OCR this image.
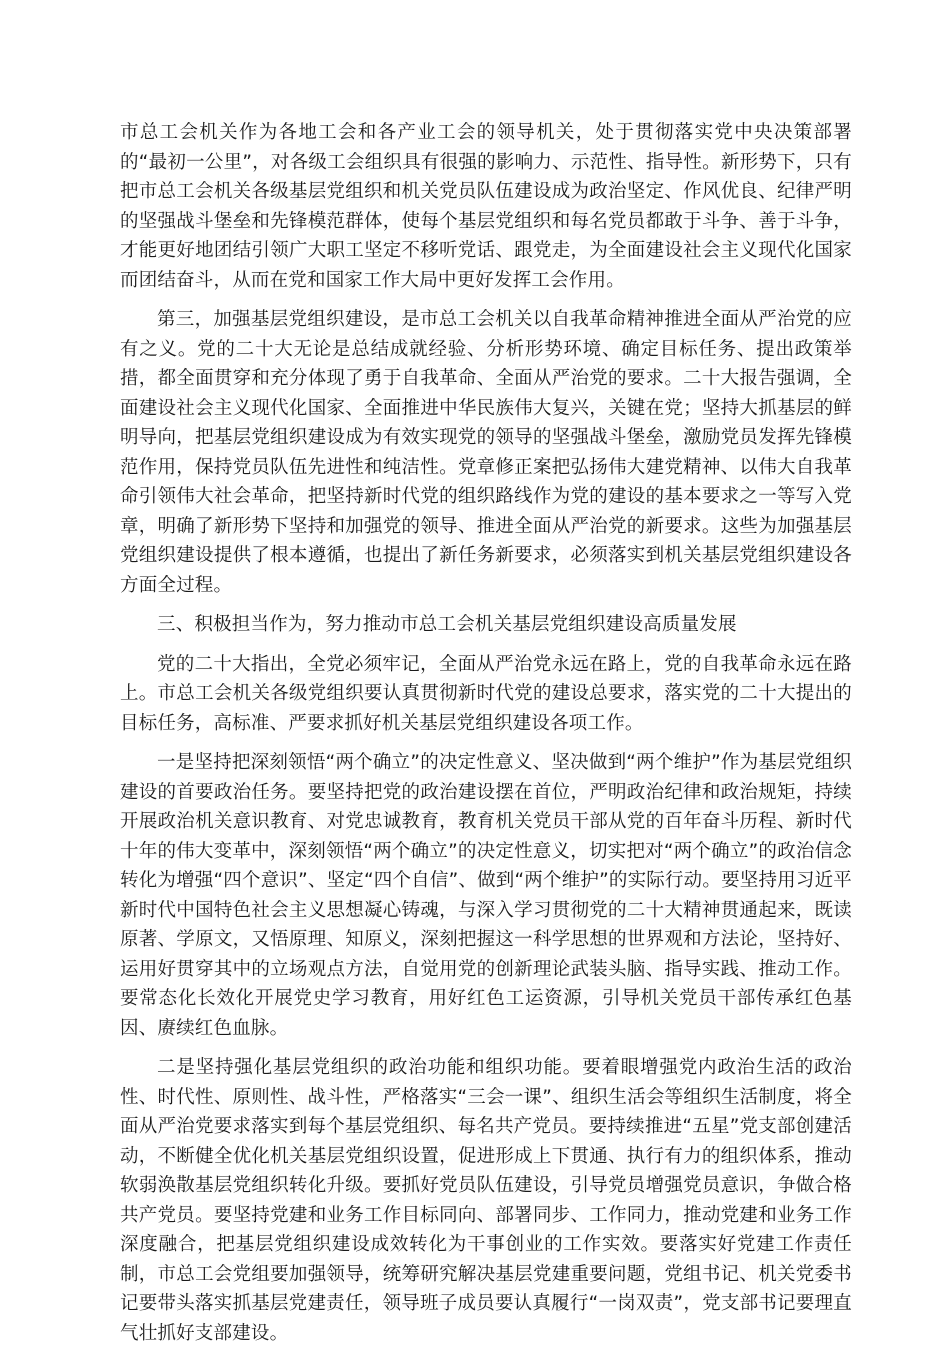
市总工会机关作为各地工会和各产业工会的领导机关，处于贯彻落实党中央决策部署的“最初一公里”，对各级工会组织具有很强的影响力、示范性、指导性。新形势下，只有把市总工会机关各级基层党组织和机关党员队伍建设成为政治坚定、作风优良、纪律严明的坚强战斗堡垒和先锋模范群体，使每个基层党组织和每名党员都敢于斗争、善于斗争，才能更好地团结引领广大职工坚定不移听党话、跟党走，为全面建设社会主义现代化国家而团结奋斗，从而在党和国家工作大局中更好发挥工会作用。

第三，加强基层党组织建设，是市总工会机关以自我革命精神推进全面从严治党的应有之义。党的二十大无论是总结成就经验、分析形势环境、确定目标任务、提出政策举措，都全面贯穿和充分体现了勇于自我革命、全面从严治党的要求。二十大报告强调，全面建设社会主义现代化国家、全面推进中华民族伟大复兴，关键在党；坚持大抓基层的鲜明导向，把基层党组织建设成为有效实现党的领导的坚强战斗堡垒，激励党员发挥先锋模范作用，保持党员队伍先进性和纯洁性。党章修正案把弘扬伟大建党精神、以伟大自我革命引领伟大社会革命，把坚持新时代党的组织路线作为党的建设的基本要求之一等写入党章，明确了新形势下坚持和加强党的领导、推进全面从严治党的新要求。这些为加强基层党组织建设提供了根本遵循，也提出了新任务新要求，必须落实到机关基层党组织建设各方面全过程。

三、积极担当作为，努力推动市总工会机关基层党组织建设高质量发展

党的二十大指出，全党必须牢记，全面从严治党永远在路上，党的自我革命永远在路上。市总工会机关各级党组织要认真贯彻新时代党的建设总要求，落实党的二十大提出的目标任务，高标准、严要求抓好机关基层党组织建设各项工作。

一是坚持把深刻领悟“两个确立”的决定性意义、坚决做到“两个维护”作为基层党组织建设的首要政治任务。要坚持把党的政治建设摆在首位，严明政治纪律和政治规矩，持续开展政治机关意识教育、对党忠诚教育，教育机关党员干部从党的百年奋斗历程、新时代十年的伟大变革中，深刻领悟“两个确立”的决定性意义，切实把对“两个确立”的政治信念转化为增强“四个意识”、坚定“四个自信”、做到“两个维护”的实际行动。要坚持用习近平新时代中国特色社会主义思想凝心铸魂，与深入学习贯彻党的二十大精神贯通起来，既读原著、学原文，又悟原理、知原义，深刻把握这一科学思想的世界观和方法论，坚持好、运用好贯穿其中的立场观点方法，自觉用党的创新理论武装头脑、指导实践、推动工作。要常态化长效化开展党史学习教育，用好红色工运资源，引导机关党员干部传承红色基因、赓续红色血脉。

二是坚持强化基层党组织的政治功能和组织功能。要着眼增强党内政治生活的政治性、时代性、原则性、战斗性，严格落实“三会一课”、组织生活会等组织生活制度，将全面从严治党要求落实到每个基层党组织、每名共产党员。要持续推进“五星”党支部创建活动，不断健全优化机关基层党组织设置，促进形成上下贯通、执行有力的组织体系，推动软弱涣散基层党组织转化升级。要抓好党员队伍建设，引导党员增强党员意识，争做合格共产党员。要坚持党建和业务工作目标同向、部署同步、工作同力，推动党建和业务工作深度融合，把基层党组织建设成效转化为干事创业的工作实效。要落实好党建工作责任制，市总工会党组要加强领导，统筹研究解决基层党建重要问题，党组书记、机关党委书记要带头落实抓基层党建责任，领导班子成员要认真履行“一岗双责”，党支部书记要理直气壮抓好支部建设。
